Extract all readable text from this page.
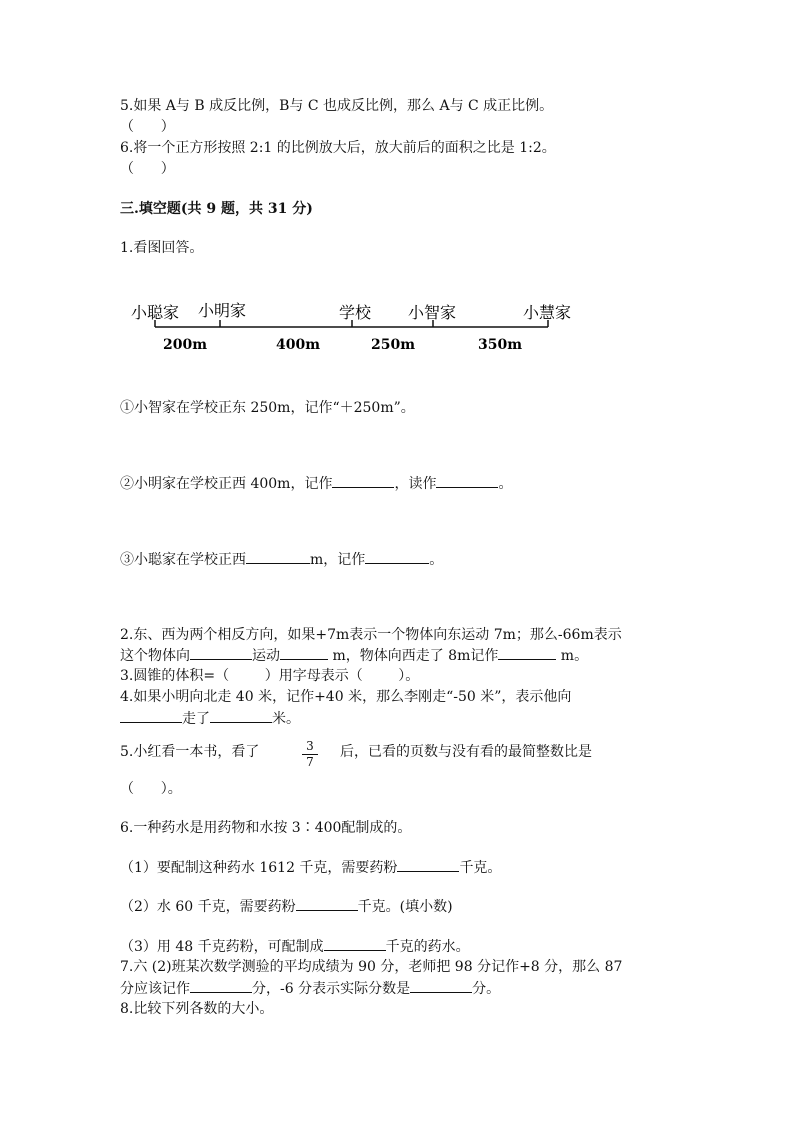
5.如果 A与 B 成反比例，B与 C 也成反比例，那么 A与 C 成正比例。
（      ）
6.将一个正方形按照 2:1 的比例放大后，放大前后的面积之比是 1:2。
（      ）
三.填空题(共 9 题，共 31 分)
1.看图回答。
小聪家 小明家	学校 小智家	小慧家
200m	400m	250m	350m
①小智家在学校正东 250m，记作“＋250m”。
②小明家在学校正西 400m，记作	，读作	。
③小聪家在学校正西	m，记作	。
2.东、西为两个相反方向，如果+7m表示一个物体向东运动 7m；那么-66m表示
这个物体向	运动	m，物体向西走了 8m记作	m。
3.圆锥的体积=（        ）用字母表示（        ）。
4.如果小明向北走 40 米，记作+40 米，那么李刚走“-50 米”，表示他向
走了	米。
5.小红看一本书，看了	3
7
后，已看的页数与没有看的最简整数比是
（      ）。
6.一种药水是用药物和水按 3∶400配制成的。
（1）要配制这种药水 1612 千克，需要药粉	千克。
（2）水 60 千克，需要药粉	千克。(填小数)
（3）用 48 千克药粉，可配制成	千克的药水。
7.六 (2)班某次数学测验的平均成绩为 90 分，老师把 98 分记作+8 分，那么 87
分应该记作	分，-6 分表示实际分数是	分。
8.比较下列各数的大小。
